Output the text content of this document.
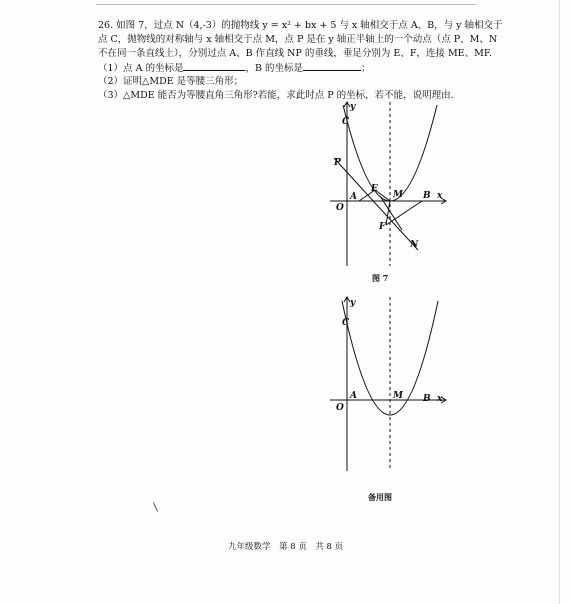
26. 如图 7，过点 N（4,-3）的抛物线 y = x² + bx + 5 与 x 轴相交于点 A、B，与 y 轴相交于
点 C，抛物线的对称轴与 x 轴相交于点 M，点 P 是在 y 轴正半轴上的一个动点（点 P、M、N
不在同一条直线上），分别过点 A、B 作直线 NP 的垂线，垂足分别为 E、F，连接 ME、MF.
（1）点 A 的坐标是	，B 的坐标是	；
（2）证明△MDE 是等腰三角形；
（3）△MDE 能否为等腰直角三角形?若能，求此时点 P 的坐标，若不能，说明理由.
y
C
P
A
E
M B x
O
F
N
图 7
y
C
A	M B x
O
备用图
九年级数学　第 8 页　共 8 页
